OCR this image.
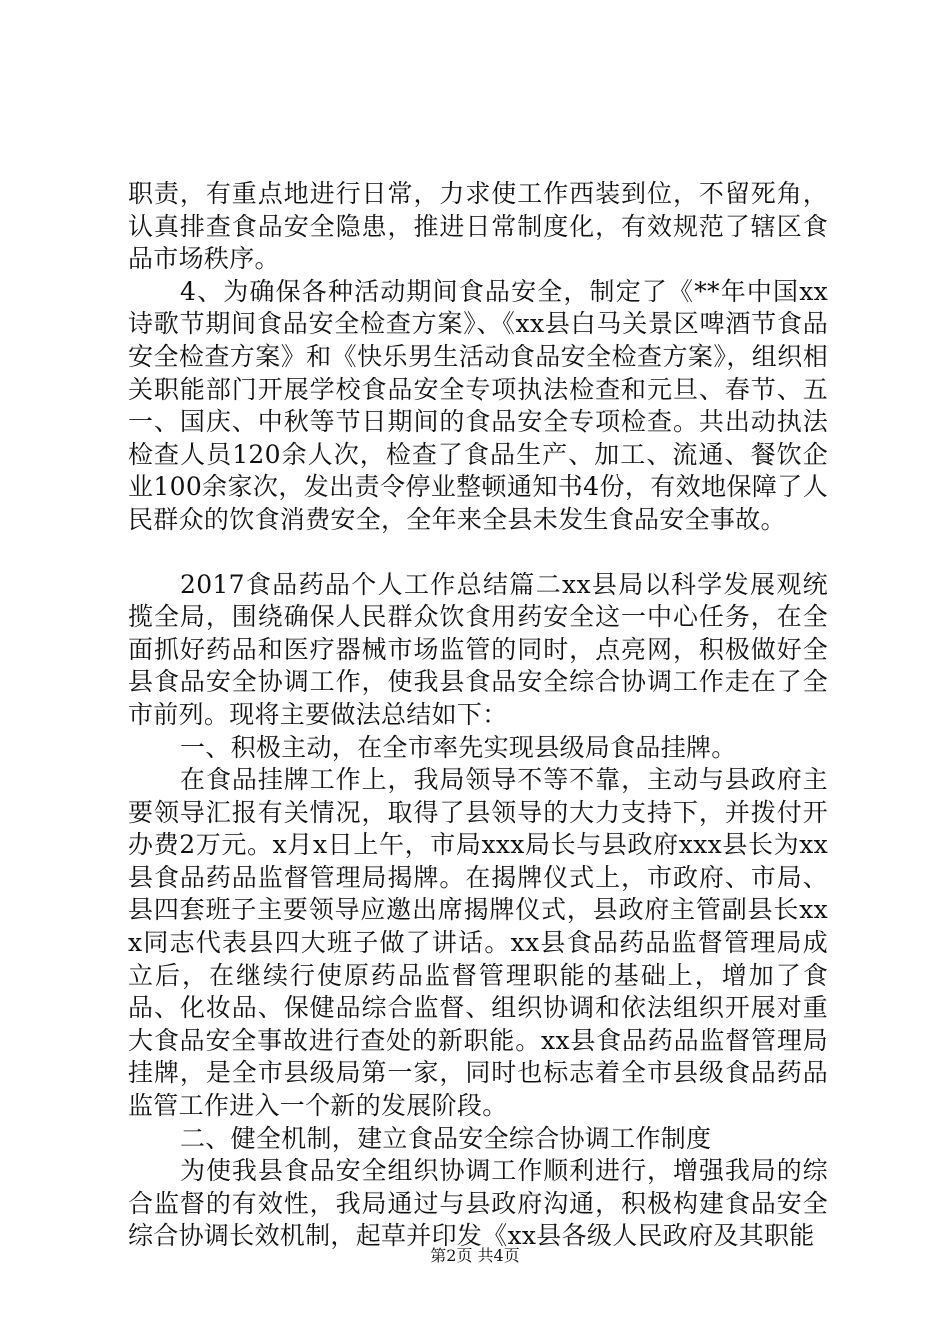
职责，有重点地进行日常，力求使工作西装到位，不留死角，认真排查食品安全隐患，推进日常制度化，有效规范了辖区食品市场秩序。

4、为确保各种活动期间食品安全，制定了《**年中国xx诗歌节期间食品安全检查方案》、《xx县白马关景区啤酒节食品安全检查方案》和《快乐男生活动食品安全检查方案》，组织相关职能部门开展学校食品安全专项执法检查和元旦、春节、五一、国庆、中秋等节日期间的食品安全专项检查。共出动执法检查人员120余人次，检查了食品生产、加工、流通、餐饮企业100余家次，发出责令停业整顿通知书4份，有效地保障了人民群众的饮食消费安全，全年来全县未发生食品安全事故。

2017食品药品个人工作总结篇二xx县局以科学发展观统揽全局，围绕确保人民群众饮食用药安全这一中心任务，在全面抓好药品和医疗器械市场监管的同时，点亮网，积极做好全县食品安全协调工作，使我县食品安全综合协调工作走在了全市前列。现将主要做法总结如下：

一、积极主动，在全市率先实现县级局食品挂牌。

在食品挂牌工作上，我局领导不等不靠，主动与县政府主要领导汇报有关情况，取得了县领导的大力支持下，并拨付开办费2万元。x月x日上午，市局xxx局长与县政府xxx县长为xx县食品药品监督管理局揭牌。在揭牌仪式上，市政府、市局、县四套班子主要领导应邀出席揭牌仪式，县政府主管副县长xxx同志代表县四大班子做了讲话。xx县食品药品监督管理局成立后，在继续行使原药品监督管理职能的基础上，增加了食品、化妆品、保健品综合监督、组织协调和依法组织开展对重大食品安全事故进行查处的新职能。xx县食品药品监督管理局挂牌，是全市县级局第一家，同时也标志着全市县级食品药品监管工作进入一个新的发展阶段。

二、健全机制，建立食品安全综合协调工作制度

为使我县食品安全组织协调工作顺利进行，增强我局的综合监督的有效性，我局通过与县政府沟通，积极构建食品安全综合协调长效机制，起草并印发《xx县各级人民政府及其职能

第2页 共4页
